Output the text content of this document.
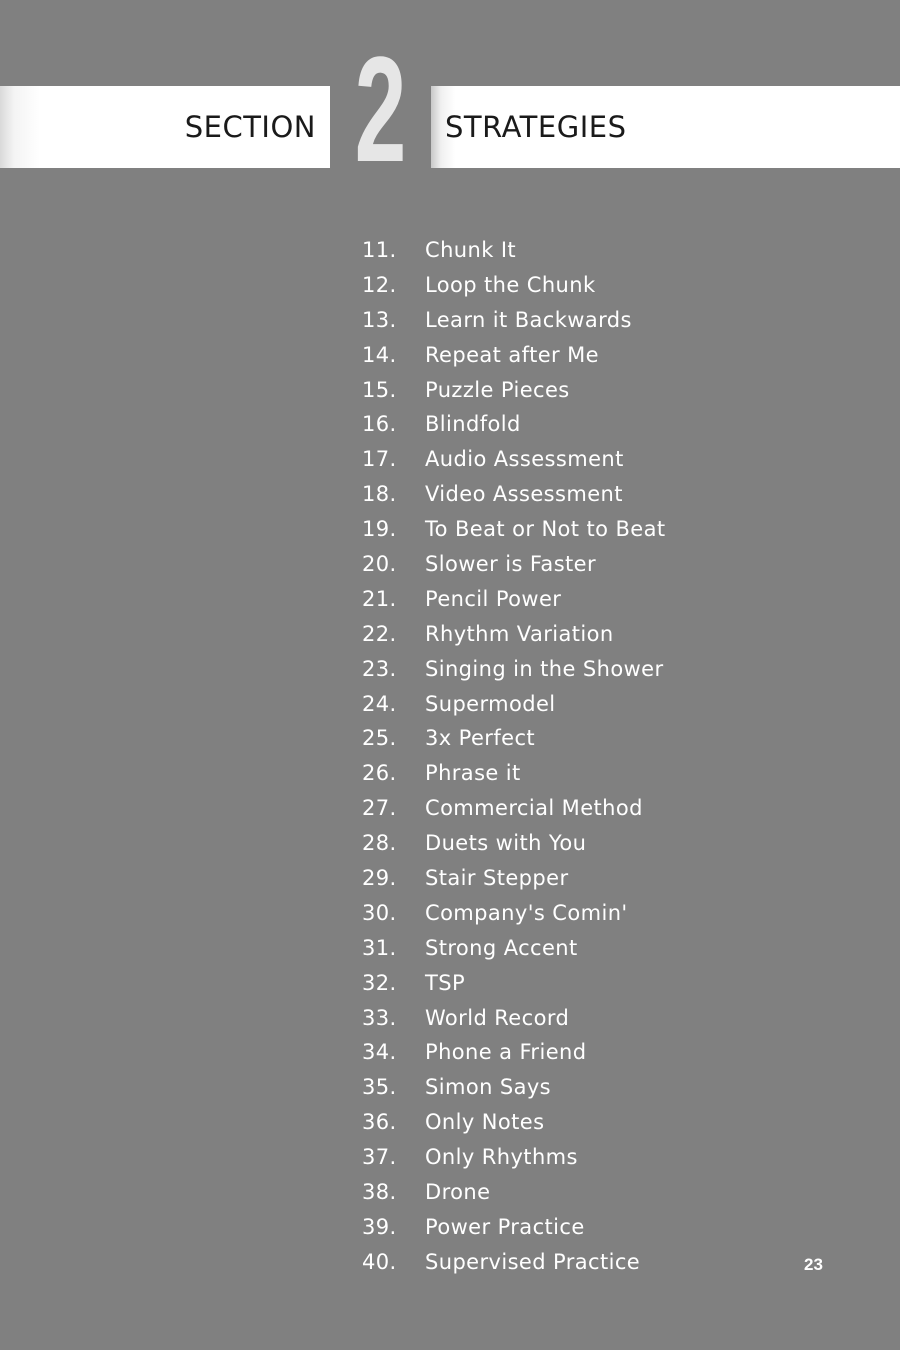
SECTION 2 STRATEGIES
11.	Chunk It
12.	Loop the Chunk
13.	Learn it Backwards
14.	Repeat after Me
15.	Puzzle Pieces
16.	Blindfold
17.	Audio Assessment
18.	Video Assessment
19.	To Beat or Not to Beat
20.	Slower is Faster
21.	Pencil Power
22.	Rhythm Variation
23.	Singing in the Shower
24.	Supermodel
25.	3x Perfect
26.	Phrase it
27.	Commercial Method
28.	Duets with You
29.	Stair Stepper
30.	Company's Comin'
31.	Strong Accent
32.	TSP
33.	World Record
34.	Phone a Friend
35.	Simon Says
36.	Only Notes
37.	Only Rhythms
38.	Drone
39.	Power Practice
40.	Supervised Practice	23
